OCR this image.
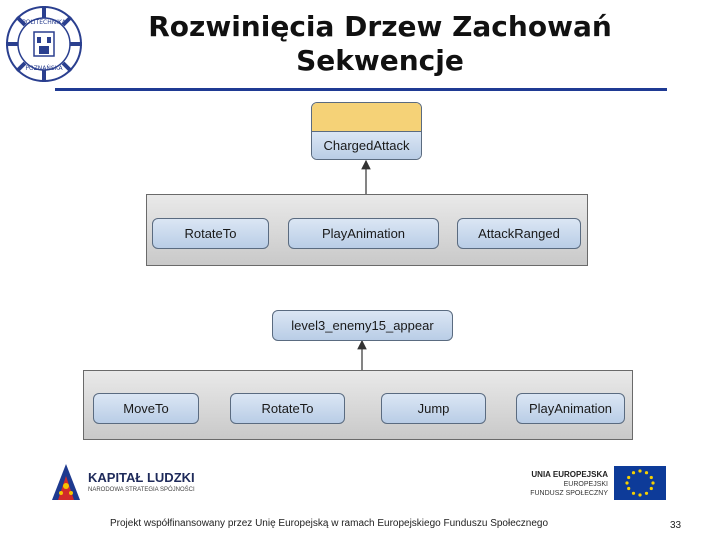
POLITECHNIKA
POZNAŃSKA
Rozwinięcia Drzew Zachowań
Sekwencje
ChargedAttack
RotateTo	PlayAnimation	AttackRanged
level3_enemy15_appear
MoveTo	RotateTo	Jump	PlayAnimation
KAPITAŁ LUDZKI
NARODOWA STRATEGIA SPÓJNOŚCI
UNIA EUROPEJSKA
EUROPEJSKI
FUNDUSZ SPOŁECZNY
Projekt współfinansowany przez Unię Europejską w ramach Europejskiego Funduszu Społecznego	33
